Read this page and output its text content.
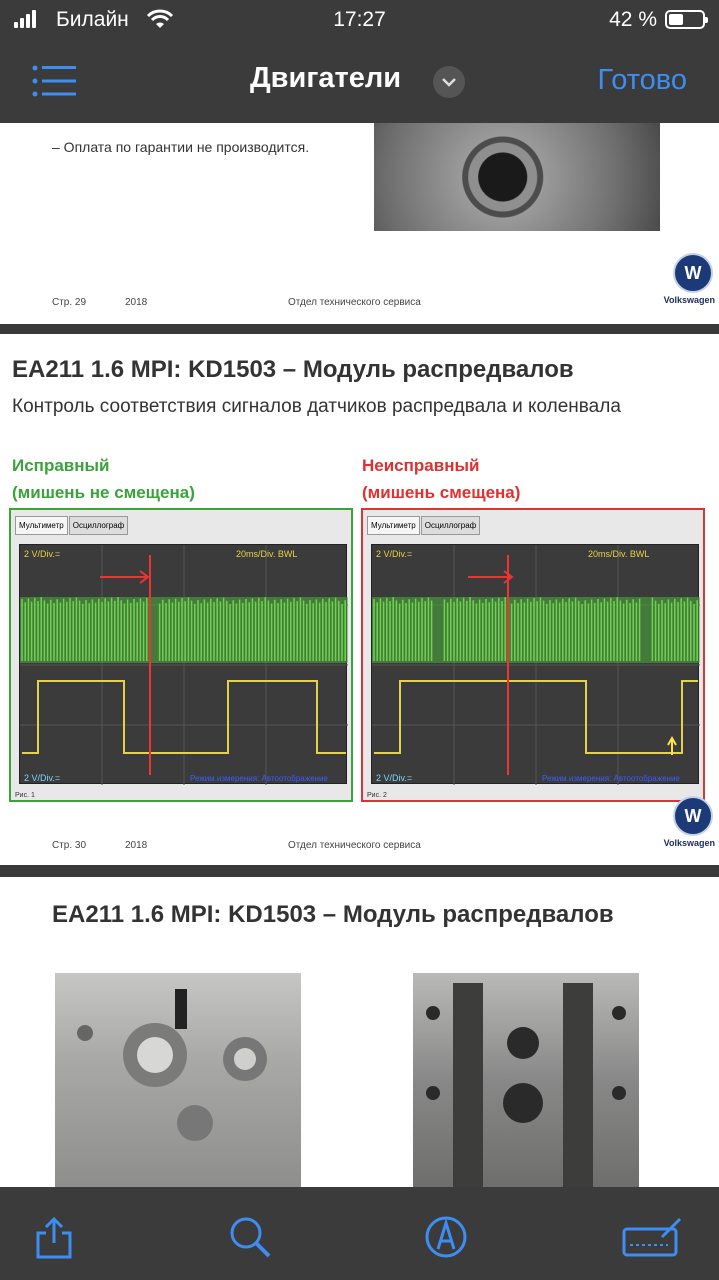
Билайн	17:27	42 %
Двигатели	Готово
– Оплата по гарантии не производится.
Стр. 29	2018	Отдел технического сервиса
W
Volkswagen
EA211 1.6 MPI: KD1503 – Модуль распредвалов
Контроль соответствия сигналов датчиков распредвала и коленвала
Исправный
(мишень не смещена)
Неисправный
(мишень смещена)
Мультиметр	Осциллограф
2 V/Div.=	20ms/Div. BWL
2 V/Div.=	Режим измерения: Автоотображение
Рис. 1
Мультиметр	Осциллограф
2 V/Div.=	20ms/Div. BWL
2 V/Div.=	Режим измерения: Автоотображение
Рис. 2
Стр. 30	2018	Отдел технического сервиса
W
Volkswagen
EA211 1.6 MPI: KD1503 – Модуль распредвалов
